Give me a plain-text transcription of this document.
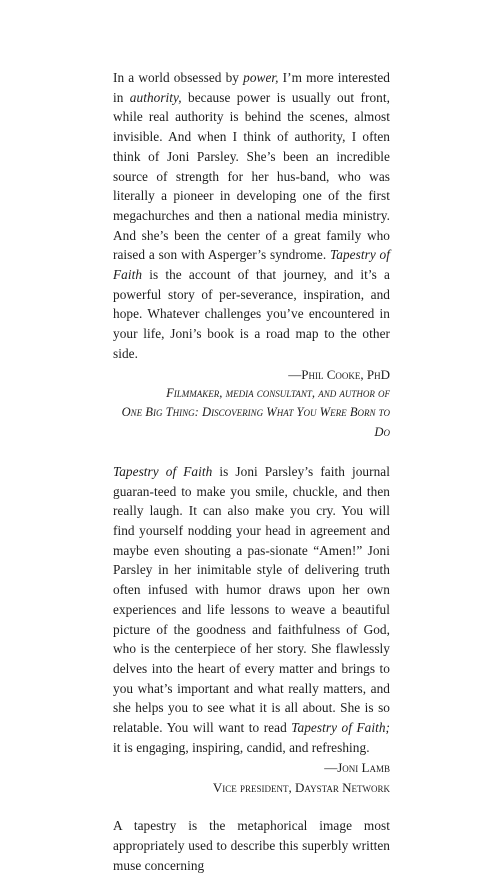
In a world obsessed by power, I’m more interested in authority, because power is usually out front, while real authority is behind the scenes, almost invisible. And when I think of authority, I often think of Joni Parsley. She’s been an incredible source of strength for her hus-band, who was literally a pioneer in developing one of the first megachurches and then a national media ministry. And she’s been the center of a great family who raised a son with Asperger’s syndrome. Tapestry of Faith is the account of that journey, and it’s a powerful story of per-severance, inspiration, and hope. Whatever challenges you’ve encountered in your life, Joni’s book is a road map to the other side.

—Phil Cooke, PhD

Filmmaker, media consultant, and author of
One Big Thing: Discovering What You Were Born to Do

Tapestry of Faith is Joni Parsley’s faith journal guaran-teed to make you smile, chuckle, and then really laugh. It can also make you cry. You will find yourself nodding your head in agreement and maybe even shouting a pas-sionate “Amen!” Joni Parsley in her inimitable style of delivering truth often infused with humor draws upon her own experiences and life lessons to weave a beautiful picture of the goodness and faithfulness of God, who is the centerpiece of her story. She flawlessly delves into the heart of every matter and brings to you what’s important and what really matters, and she helps you to see what it is all about. She is so relatable. You will want to read Tapestry of Faith; it is engaging, inspiring, candid, and refreshing.

—Joni Lamb

Vice president, Daystar Network

A tapestry is the metaphorical image most appropriately used to describe this superbly written muse concerning
